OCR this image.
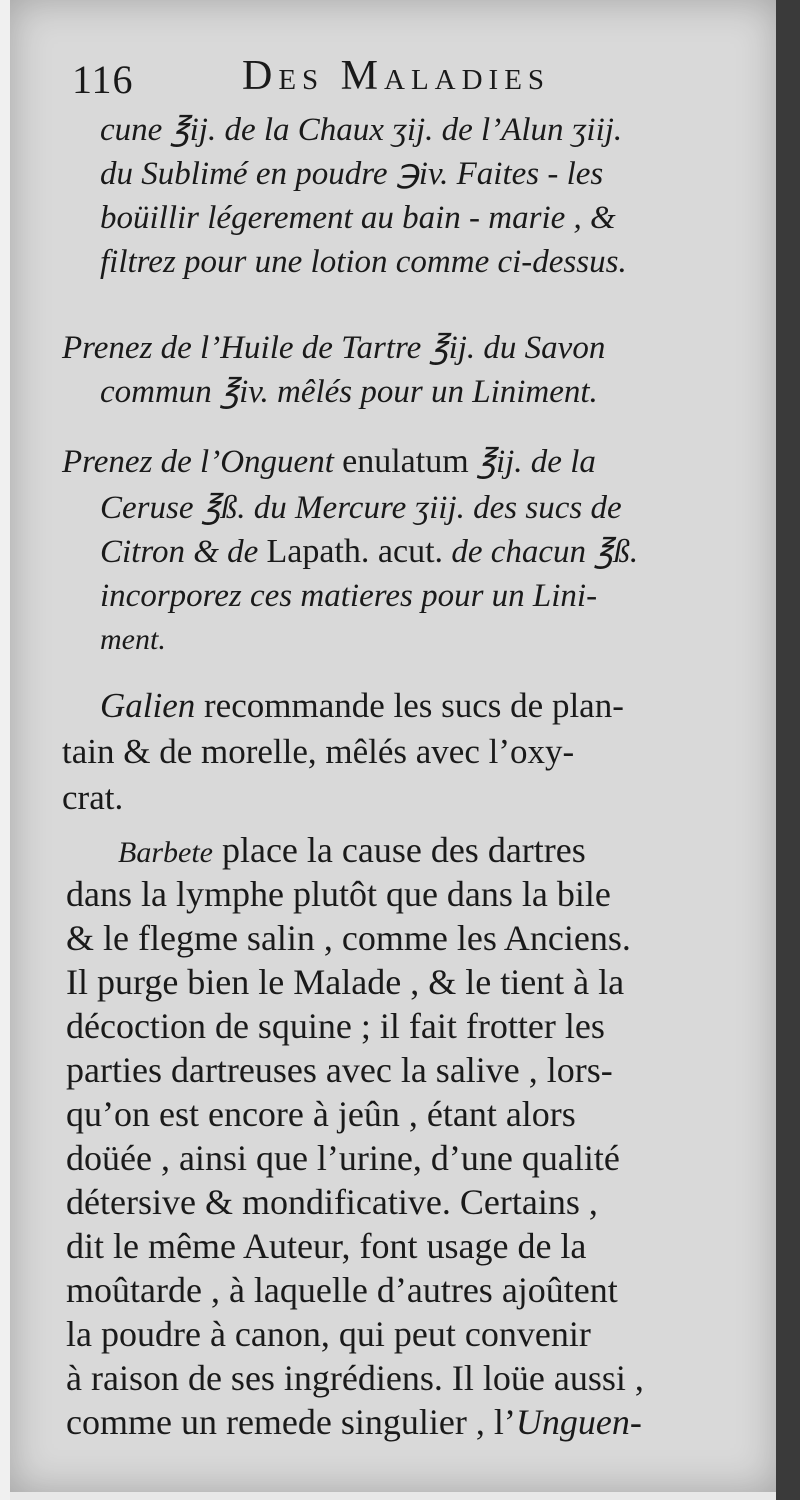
116	Des Maladies
cune ℥ij. de la Chaux ʒij. de l’Alun ʒiij.
du Sublimé en poudre ℈iv. Faites - les
boüillir légerement au bain - marie , &
filtrez pour une lotion comme ci-dessus.
Prenez de l’Huile de Tartre ℥ij. du Savon
commun ℥iv. mêlés pour un Liniment.
Prenez de l’Onguent enulatum ℥ij. de la
Ceruse ℥ß. du Mercure ʒiij. des sucs de
Citron & de Lapath. acut. de chacun ℥ß.
incorporez ces matieres pour un Lini-
ment.
Galien recommande les sucs de plan-
tain & de morelle, mêlés avec l’oxy-
crat.
Barbete place la cause des dartres
dans la lymphe plutôt que dans la bile
& le flegme salin , comme les Anciens.
Il purge bien le Malade , & le tient à la
décoction de squine ; il fait frotter les
parties dartreuses avec la salive , lors-
qu’on est encore à jeûn , étant alors
doüée , ainsi que l’urine, d’une qualité
détersive & mondificative. Certains ,
dit le même Auteur, font usage de la
moûtarde , à laquelle d’autres ajoûtent
la poudre à canon, qui peut convenir
à raison de ses ingrédiens. Il loüe aussi ,
comme un remede singulier , l’Unguen-
